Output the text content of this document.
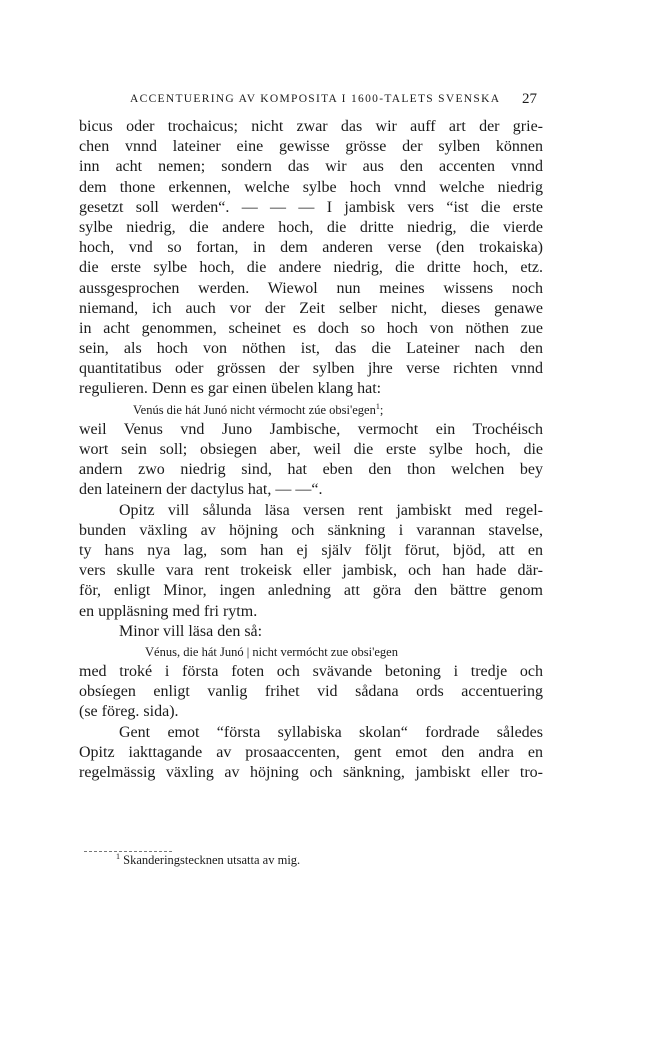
ACCENTUERING AV KOMPOSITA I 1600-TALETS SVENSKA 27
bicus oder trochaicus; nicht zwar das wir auff art der grie-
chen vnnd lateiner eine gewisse grösse der sylben können
inn acht nemen; sondern das wir aus den accenten vnnd
dem thone erkennen, welche sylbe hoch vnnd welche niedrig
gesetzt soll werden“. — — — I jambisk vers “ist die erste
sylbe niedrig, die andere hoch, die dritte niedrig, die vierde
hoch, vnd so fortan, in dem anderen verse (den trokaiska)
die erste sylbe hoch, die andere niedrig, die dritte hoch, etz.
aussgesprochen werden. Wiewol nun meines wissens noch
niemand, ich auch vor der Zeit selber nicht, dieses genawe
in acht genommen, scheinet es doch so hoch von nöthen zue
sein, als hoch von nöthen ist, das die Lateiner nach den
quantitatibus oder grössen der sylben jhre verse richten vnnd
regulieren. Denn es gar einen übelen klang hat:
Venús die hát Junó nicht vérmocht zúe obsi'egen$^1$;
weil Venus vnd Juno Jambische, vermocht ein Trochéisch
wort sein soll; obsiegen aber, weil die erste sylbe hoch, die
andern zwo niedrig sind, hat eben den thon welchen bey
den lateinern der dactylus hat, — —“.
Opitz vill sålunda läsa versen rent jambiskt med regel-
bunden växling av höjning och sänkning i varannan stavelse,
ty hans nya lag, som han ej själv följt förut, bjöd, att en
vers skulle vara rent trokeisk eller jambisk, och han hade där-
för, enligt Minor, ingen anledning att göra den bättre genom
en uppläsning med fri rytm.
Minor vill läsa den så:
Vénus, die hát Junó | nicht vermócht zue obsi'egen
med troké i första foten och svävande betoning i tredje och
obsíegen enligt vanlig frihet vid sådana ords accentuering
(se föreg. sida).
Gent emot “första syllabiska skolan“ fordrade således
Opitz iakttagande av prosaaccenten, gent emot den andra en
regelmässig växling av höjning och sänkning, jambiskt eller tro-
$^1$ Skanderingstecknen utsatta av mig.
